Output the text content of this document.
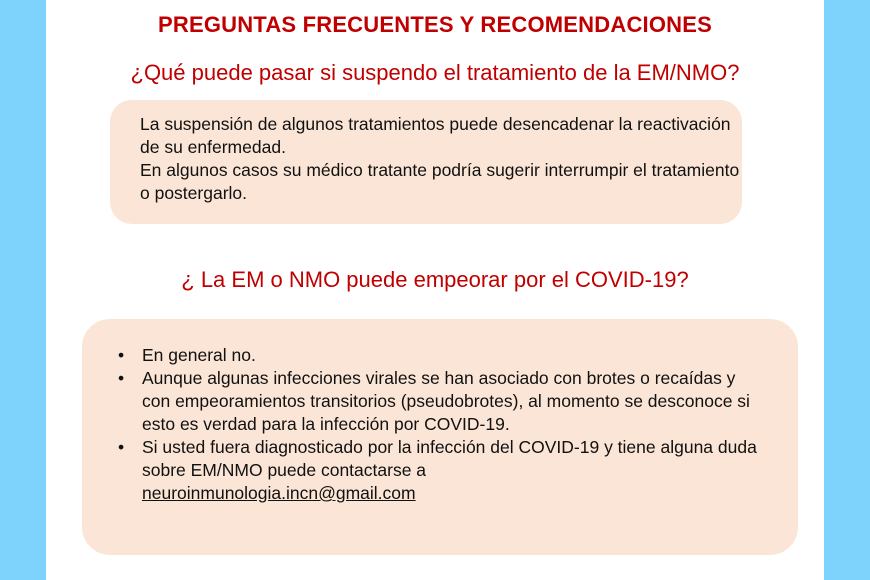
PREGUNTAS FRECUENTES Y RECOMENDACIONES
¿Qué puede pasar si suspendo el tratamiento de la EM/NMO?
La suspensión de algunos tratamientos puede desencadenar la reactivación de su enfermedad.
En algunos casos su médico tratante podría sugerir interrumpir el tratamiento o postergarlo.
¿ La EM o NMO puede empeorar por el COVID-19?
• En general no.
• Aunque algunas infecciones virales se han asociado con brotes o recaídas y con empeoramientos transitorios (pseudobrotes), al momento se desconoce si esto es verdad para la infección por COVID-19.
• Si usted fuera diagnosticado por la infección del COVID-19 y tiene alguna duda sobre EM/NMO puede contactarse a
neuroinmunologia.incn@gmail.com
